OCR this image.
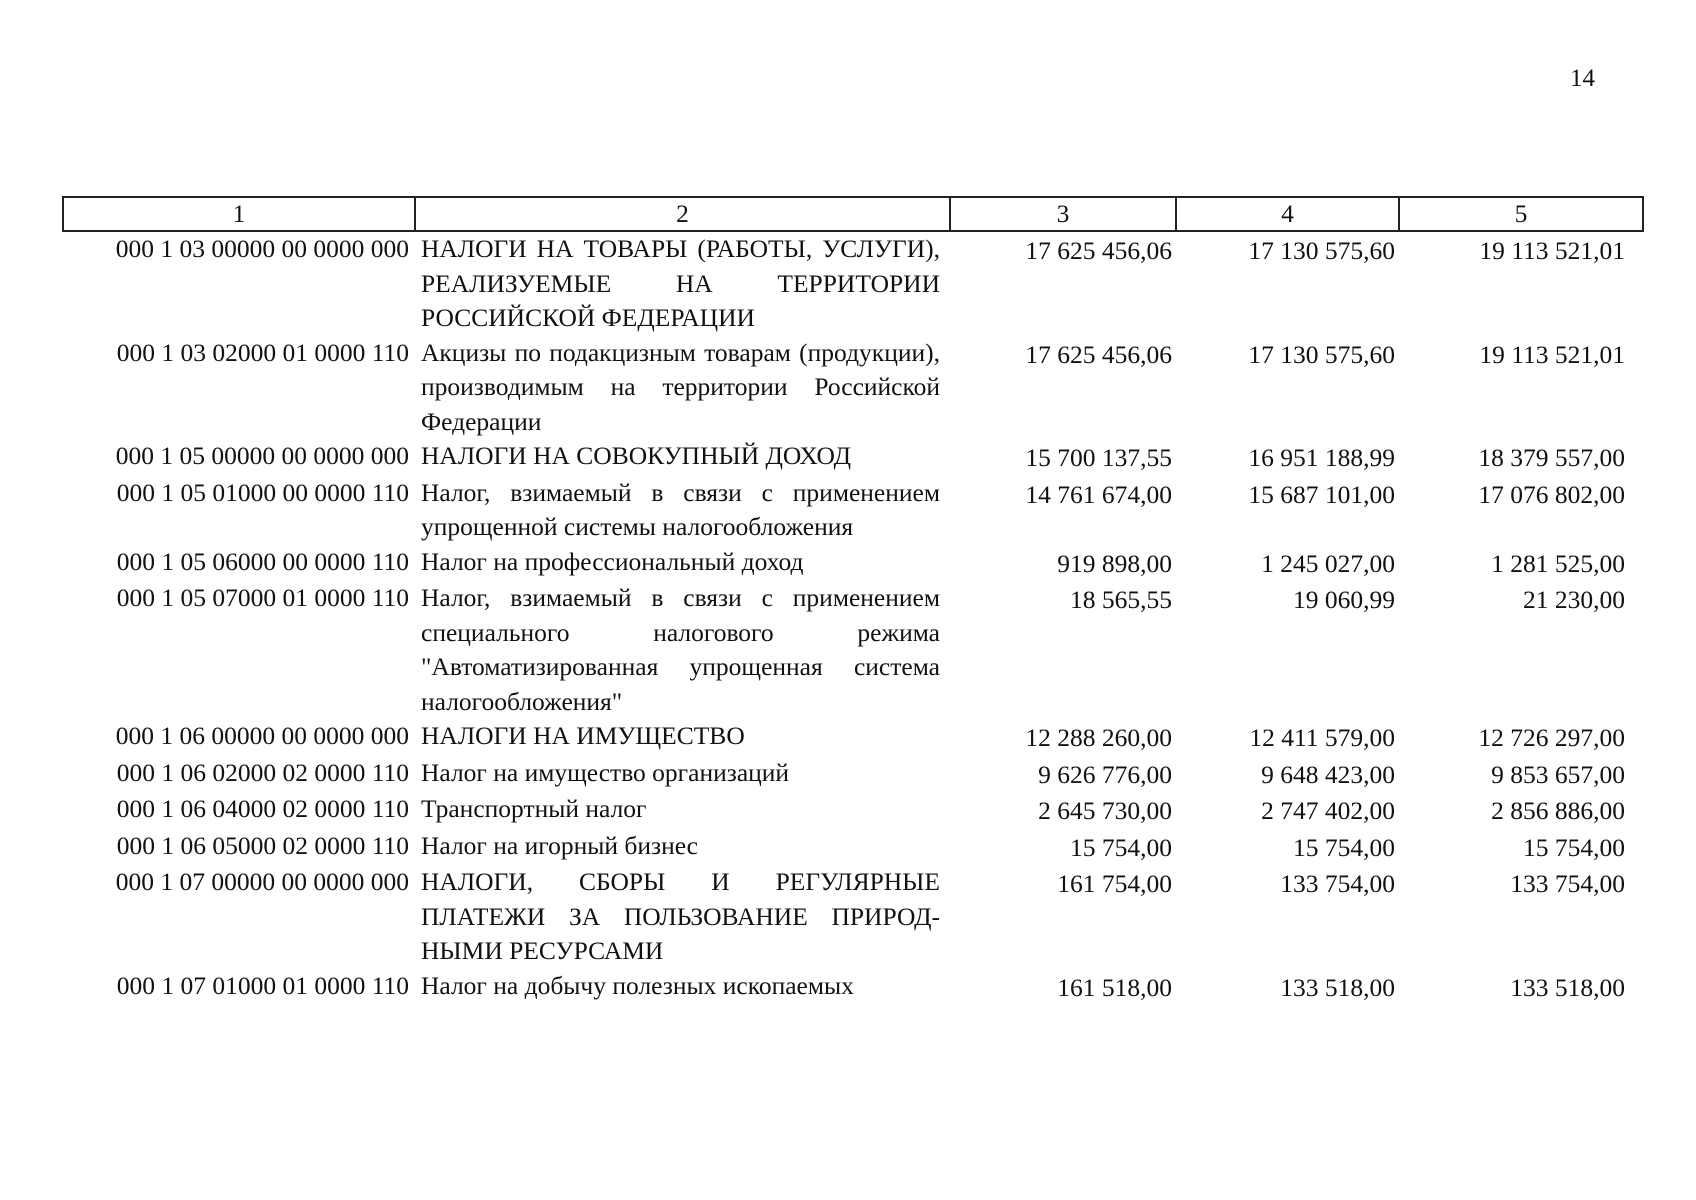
14
1	2	3	4	5
000 1 03 00000 00 0000 000	НАЛОГИ НА ТОВАРЫ (РАБОТЫ, УСЛУГИ), РЕАЛИЗУЕМЫЕ НА ТЕРРИТОРИИ РОССИЙСКОЙ ФЕДЕРАЦИИ	17 625 456,06	17 130 575,60	19 113 521,01
000 1 03 02000 01 0000 110	Акцизы по подакцизным товарам (продукции), производимым на территории Российской Федерации	17 625 456,06	17 130 575,60	19 113 521,01
000 1 05 00000 00 0000 000	НАЛОГИ НА СОВОКУПНЫЙ ДОХОД	15 700 137,55	16 951 188,99	18 379 557,00
000 1 05 01000 00 0000 110	Налог, взимаемый в связи с применением упрощенной системы налогообложения	14 761 674,00	15 687 101,00	17 076 802,00
000 1 05 06000 00 0000 110	Налог на профессиональный доход	919 898,00	1 245 027,00	1 281 525,00
000 1 05 07000 01 0000 110	Налог, взимаемый в связи с применением специального налогового режима "Автоматизированная упрощенная система налогообложения"	18 565,55	19 060,99	21 230,00
000 1 06 00000 00 0000 000	НАЛОГИ НА ИМУЩЕСТВО	12 288 260,00	12 411 579,00	12 726 297,00
000 1 06 02000 02 0000 110	Налог на имущество организаций	9 626 776,00	9 648 423,00	9 853 657,00
000 1 06 04000 02 0000 110	Транспортный налог	2 645 730,00	2 747 402,00	2 856 886,00
000 1 06 05000 02 0000 110	Налог на игорный бизнес	15 754,00	15 754,00	15 754,00
000 1 07 00000 00 0000 000	НАЛОГИ, СБОРЫ И РЕГУЛЯРНЫЕ ПЛАТЕЖИ ЗА ПОЛЬЗОВАНИЕ ПРИРОД-НЫМИ РЕСУРСАМИ	161 754,00	133 754,00	133 754,00
000 1 07 01000 01 0000 110	Налог на добычу полезных ископаемых	161 518,00	133 518,00	133 518,00
